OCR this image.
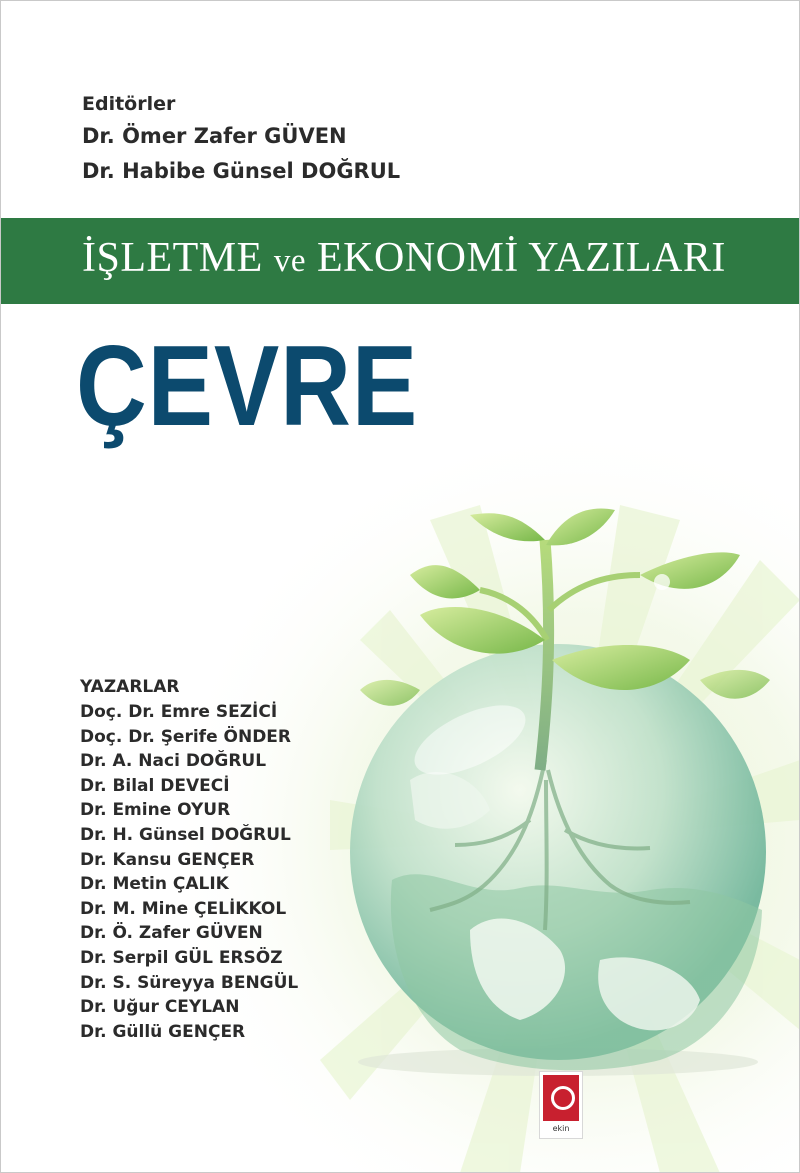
Editörler
Dr. Ömer Zafer GÜVEN
Dr. Habibe Günsel DOĞRUL
İŞLETME ve EKONOMİ YAZILARI
ÇEVRE
YAZARLAR
Doç. Dr. Emre SEZİCİ
Doç. Dr. Şerife ÖNDER
Dr. A. Naci DOĞRUL
Dr. Bilal DEVECİ
Dr. Emine OYUR
Dr. H. Günsel DOĞRUL
Dr. Kansu GENÇER
Dr. Metin ÇALIK
Dr. M. Mine ÇELİKKOL
Dr. Ö. Zafer GÜVEN
Dr. Serpil GÜL ERSÖZ
Dr. S. Süreyya BENGÜL
Dr. Uğur CEYLAN
Dr. Güllü GENÇER
ekin
